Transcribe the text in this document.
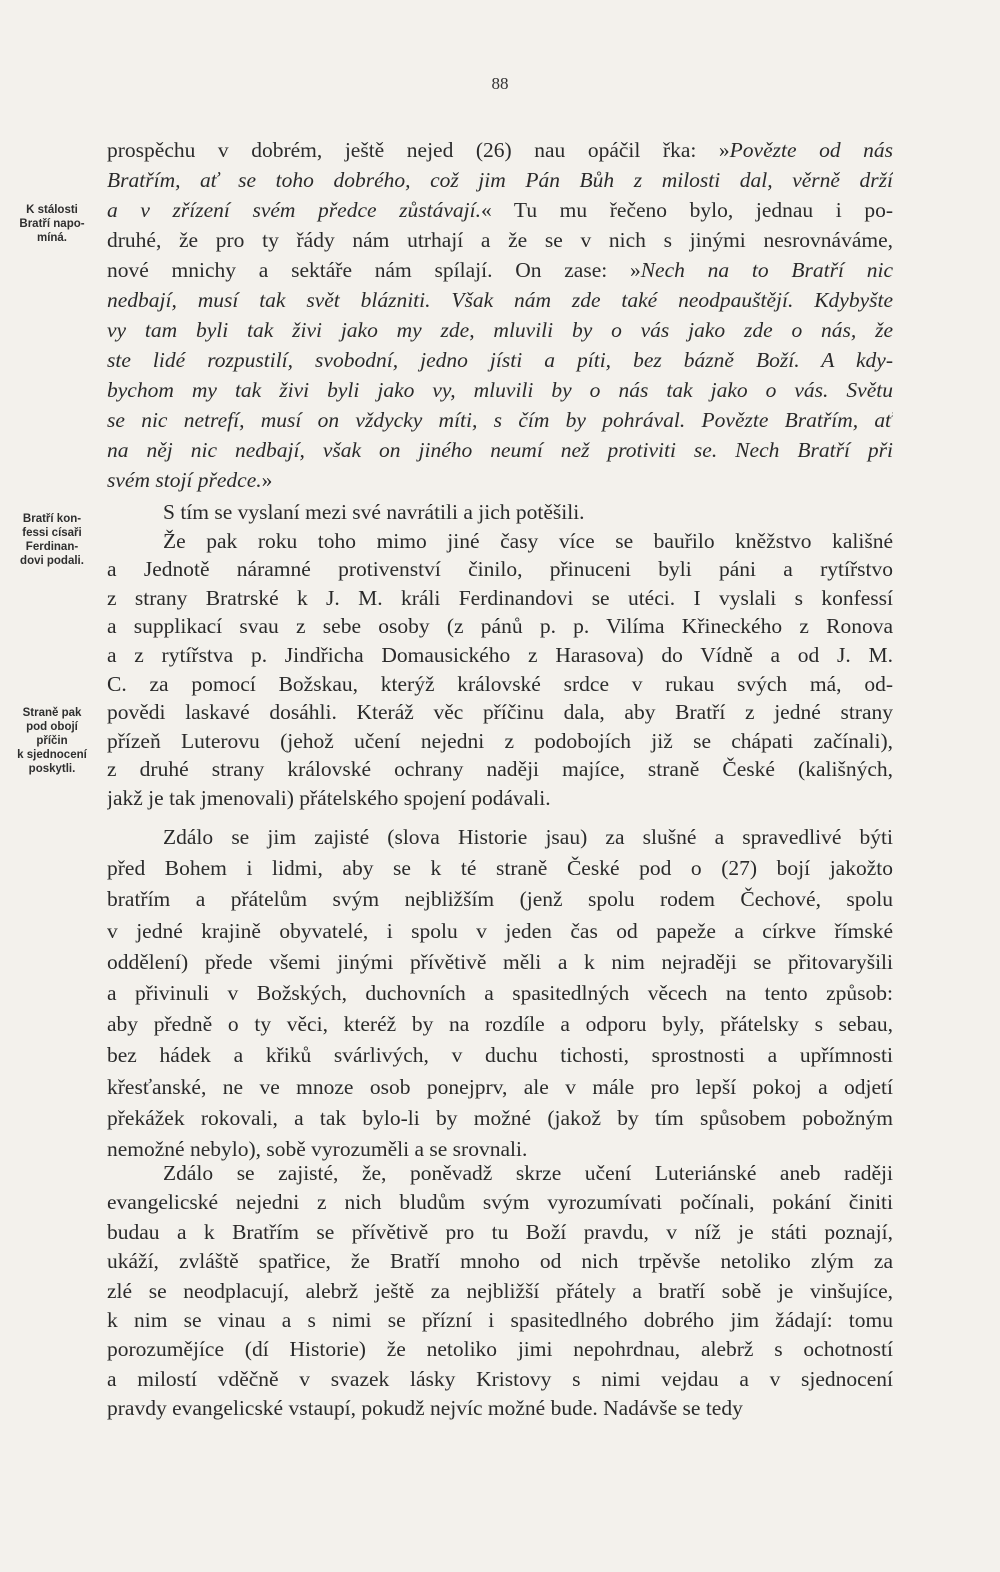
88
K stálosti
Bratří napo-
míná.
Bratří kon-
fessi císaři
Ferdinan-
dovi podali.
Straně pak
pod obojí
příčin
k sjednocení
poskytli.
prospěchu v dobrém, ještě nejed (26) nau opáčil řka: »Povězte od nás
Bratřím, ať se toho dobrého, což jim Pán Bůh z milosti dal, věrně drží
a v zřízení svém předce zůstávají.« Tu mu řečeno bylo, jednau i po-
druhé, že pro ty řády nám utrhají a že se v nich s jinými nesrovnáváme,
nové mnichy a sektáře nám spílají. On zase: »Nech na to Bratří nic
nedbají, musí tak svět blázniti. Však nám zde také neodpauštějí. Kdybyšte
vy tam byli tak živi jako my zde, mluvili by o vás jako zde o nás, že
ste lidé rozpustilí, svobodní, jedno jísti a píti, bez bázně Boží. A kdy-
bychom my tak živi byli jako vy, mluvili by o nás tak jako o vás. Světu
se nic netrefí, musí on vždycky míti, s čím by pohrával. Povězte Bratřím, ať
na něj nic nedbají, však on jiného neumí než protiviti se. Nech Bratří při
svém stojí předce.»
S tím se vyslaní mezi své navrátili a jich potěšili.
Že pak roku toho mimo jiné časy více se bauřilo kněžstvo kališné
a Jednotě náramné protivenství činilo, přinuceni byli páni a rytířstvo
z strany Bratrské k J. M. králi Ferdinandovi se utéci. I vyslali s konfessí
a supplikací svau z sebe osoby (z pánů p. p. Vilíma Křineckého z Ronova
a z rytířstva p. Jindřicha Domausického z Harasova) do Vídně a od J. M.
C. za pomocí Božskau, kterýž královské srdce v rukau svých má, od-
povědi laskavé dosáhli. Kteráž věc příčinu dala, aby Bratří z jedné strany
přízeň Luterovu (jehož učení nejedni z podobojích již se chápati začínali),
z druhé strany královské ochrany naději majíce, straně České (kališných,
jakž je tak jmenovali) přátelského spojení podávali.
Zdálo se jim zajisté (slova Historie jsau) za slušné a spravedlivé býti
před Bohem i lidmi, aby se k té straně České pod o (27) bojí jakožto
bratřím a přátelům svým nejbližším (jenž spolu rodem Čechové, spolu
v jedné krajině obyvatelé, i spolu v jeden čas od papeže a církve římské
oddělení) přede všemi jinými přívětivě měli a k nim nejraději se přitovaryšili
a přivinuli v Božských, duchovních a spasitedlných věcech na tento způsob:
aby předně o ty věci, kteréž by na rozdíle a odporu byly, přátelsky s sebau,
bez hádek a křiků svárlivých, v duchu tichosti, sprostnosti a upřímnosti
křesťanské, ne ve mnoze osob ponejprv, ale v mále pro lepší pokoj a odjetí
překážek rokovali, a tak bylo-li by možné (jakož by tím spůsobem pobožným
nemožné nebylo), sobě vyrozuměli a se srovnali.
Zdálo se zajisté, že, poněvadž skrze učení Luteriánské aneb raději
evangelicské nejedni z nich bludům svým vyrozumívati počínali, pokání činiti
budau a k Bratřím se přívětivě pro tu Boží pravdu, v níž je státi poznají,
ukáží, zvláště spatřice, že Bratří mnoho od nich trpěvše netoliko zlým za
zlé se neodplacují, alebrž ještě za nejbližší přátely a bratří sobě je vinšujíce,
k nim se vinau a s nimi se přízní i spasitedlného dobrého jim žádají: tomu
porozumějíce (dí Historie) že netoliko jimi nepohrdnau, alebrž s ochotností
a milostí vděčně v svazek lásky Kristovy s nimi vejdau a v sjednocení
pravdy evangelicské vstaupí, pokudž nejvíc možné bude. Nadávše se tedy
